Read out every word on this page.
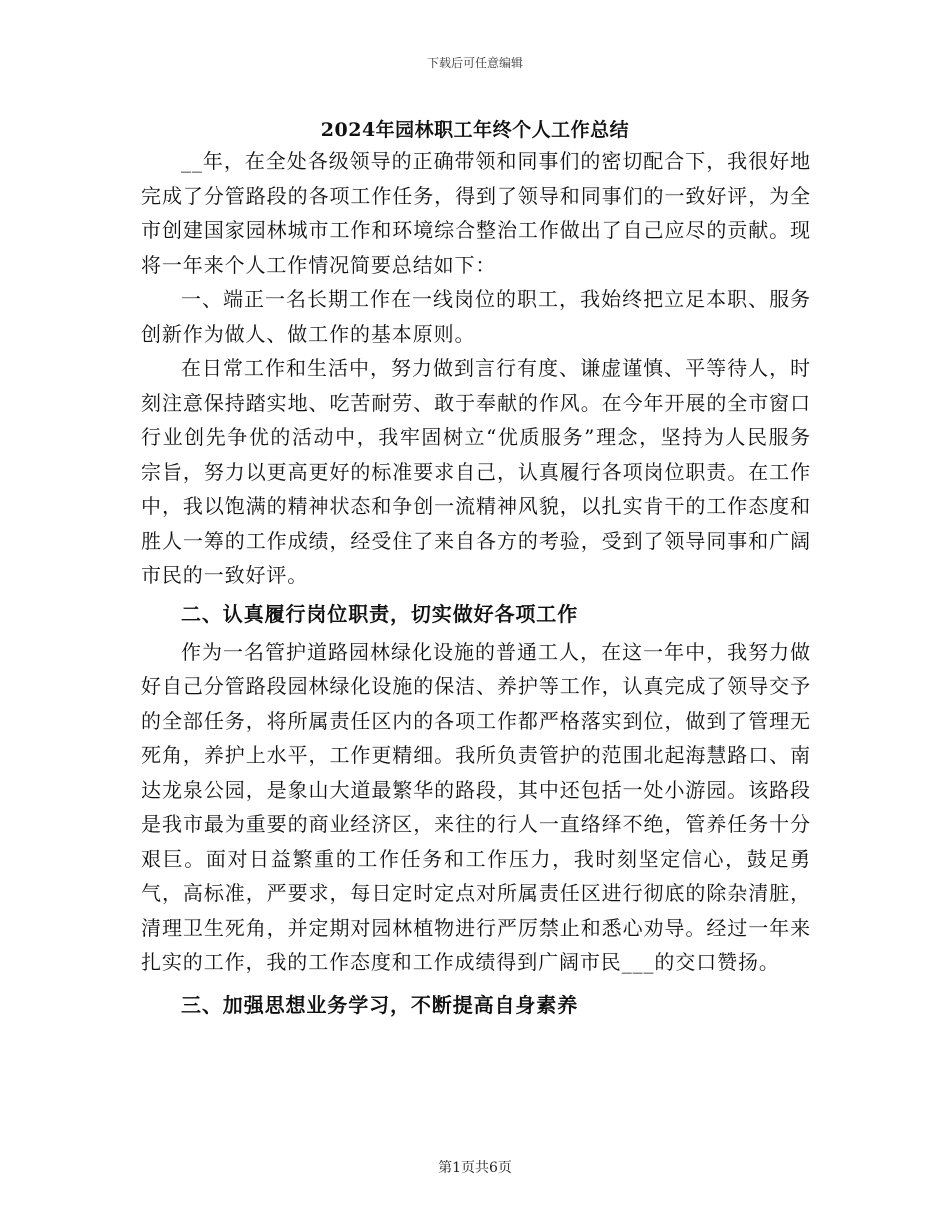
下载后可任意编辑
2024年园林职工年终个人工作总结

__年，在全处各级领导的正确带领和同事们的密切配合下，我很好地完成了分管路段的各项工作任务，得到了领导和同事们的一致好评，为全市创建国家园林城市工作和环境综合整治工作做出了自己应尽的贡献。现将一年来个人工作情况简要总结如下：

一、端正一名长期工作在一线岗位的职工，我始终把立足本职、服务创新作为做人、做工作的基本原则。

在日常工作和生活中，努力做到言行有度、谦虚谨慎、平等待人，时刻注意保持踏实地、吃苦耐劳、敢于奉献的作风。在今年开展的全市窗口行业创先争优的活动中，我牢固树立“优质服务”理念，坚持为人民服务宗旨，努力以更高更好的标准要求自己，认真履行各项岗位职责。在工作中，我以饱满的精神状态和争创一流精神风貌，以扎实肯干的工作态度和胜人一筹的工作成绩，经受住了来自各方的考验，受到了领导同事和广阔市民的一致好评。

二、认真履行岗位职责，切实做好各项工作

作为一名管护道路园林绿化设施的普通工人，在这一年中，我努力做好自己分管路段园林绿化设施的保洁、养护等工作，认真完成了领导交予的全部任务，将所属责任区内的各项工作都严格落实到位，做到了管理无死角，养护上水平，工作更精细。我所负责管护的范围北起海慧路口、南达龙泉公园，是象山大道最繁华的路段，其中还包括一处小游园。该路段是我市最为重要的商业经济区，来往的行人一直络绎不绝，管养任务十分艰巨。面对日益繁重的工作任务和工作压力，我时刻坚定信心，鼓足勇气，高标准，严要求，每日定时定点对所属责任区进行彻底的除杂清脏，清理卫生死角，并定期对园林植物进行严厉禁止和悉心劝导。经过一年来扎实的工作，我的工作态度和工作成绩得到广阔市民___的交口赞扬。

三、加强思想业务学习，不断提高自身素养

第1页共6页
